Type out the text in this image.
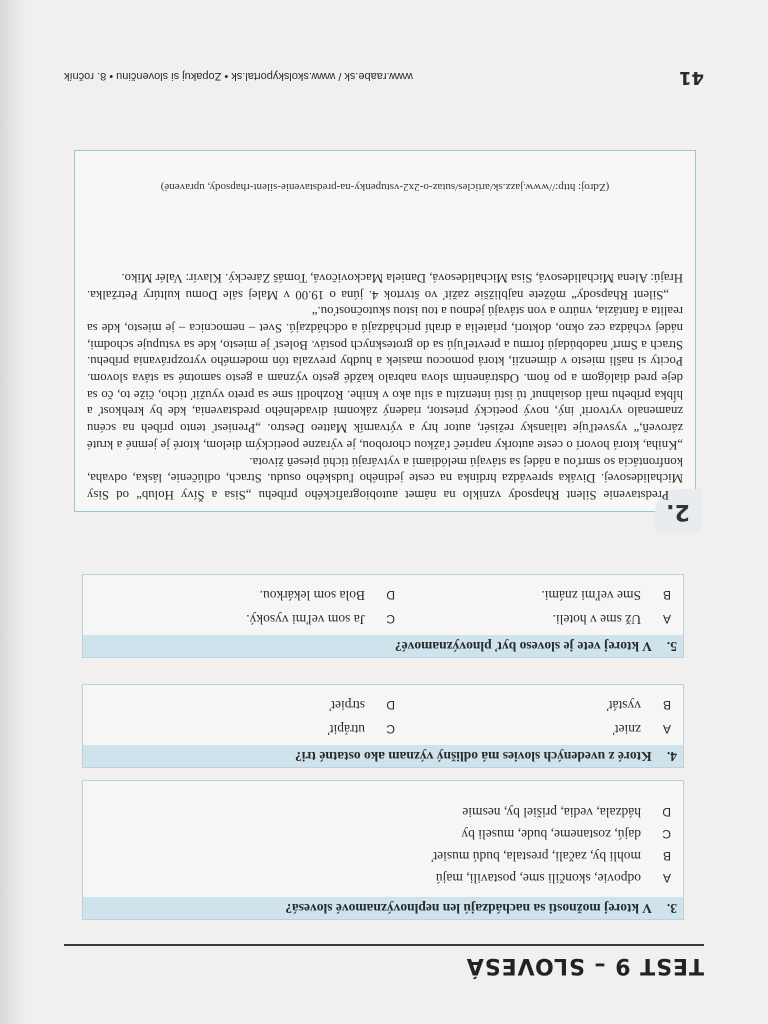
TEST 9 – SLOVESÁ
3. V ktorej možnosti sa nachádzajú len neplnovýznamové slovesá?
A
odpovie, skončili sme, postavili, majú
B
mohli by, začali, prestala, budú musieť
C
dajú, zostaneme, bude, museli by
D
hádzala, vedia, prišiel by, nesmie
4. Ktoré z uvedených slovies má odlišný význam ako ostatné tri?
Aznieť
Bvystáť
Cutrápiť
Dstrpieť
5. V ktorej vete je sloveso byť plnovýznamové?
AUž sme v hoteli.
BSme veľmi známi.
CJa som veľmi vysoký.
DBola som lekárkou.
2.

Predstavenie Silent Rhapsody vzniklo na námet autobiografického príbehu „Sisa a Šívy Holub“ od Sisy Michalidesovej. Divákа sprevádza hrdinka na ceste jediného ľudského osudu. Strach, odlúčenie, láska, odvaha, konfrontácia so smrťou a nádej sa stávajú melódiami a vytvárajú tichú pieseň života.

„Kniha, ktorá hovorí o ceste autorky naprieč ťažkou chorobou, je výrazne poetickým dielom, ktoré je jemné a kruté zároveň,“ vysvetľuje taliansky režisér, autor hry a výtvarník Matteo Destro. „Preniesť tento príbeh na scénu znamenalo vytvoriť iný, nový poetický priestor, riadený zákonmi divadelného predstavenia, kde by krehkosť a hĺbka príbehu mali dosiahnuť tú istú intenzitu a silu ako v knihe. Rozhodli sme sa preto využiť ticho, čiže to, čo sa deje pred dialógom a po ňom. Odstránením slova nabralo každé gesto význam a gesto samotné sa stáva slovom. Pocity si našli miesto v dimenzii, ktorá pomocou masiek a hudby prevzala tón moderného vyrozprávania príbehu. Strach a Smrť nadobúdajú formu a prevteľujú sa do grotesknych postáv. Bolesť je miesto, kde sa vstupuje schodmi, nádej vchádza cez okno, doktori, priatelia a drahí prichádzajú a odchádzajú. Svet – nemocnica – je miesto, kde sa realita a fantázia, vnútro a von stávajú jednou a tou istou skutočnosťou.“

„Silent Rhapsody“ môžete najbližšie zažiť vo štvrtok 4. júna o 19.00 v Malej sále Domu kultúry Petržalka. Hrajú: Alena Michalidesová, Sisa Michalidesová, Daniela Mackovičová, Tomáš Zárecký. Klavír: Valér Miko.

(Zdroj: http://www.jazz.sk/articles/sutaz-o-2x2-vstupenky-na-predstavenie-silent-rhapsody, upravené)
41
www.raabe.sk / www.skolskyportal.sk • Zopakuj si slovenčinu • 8. ročník
